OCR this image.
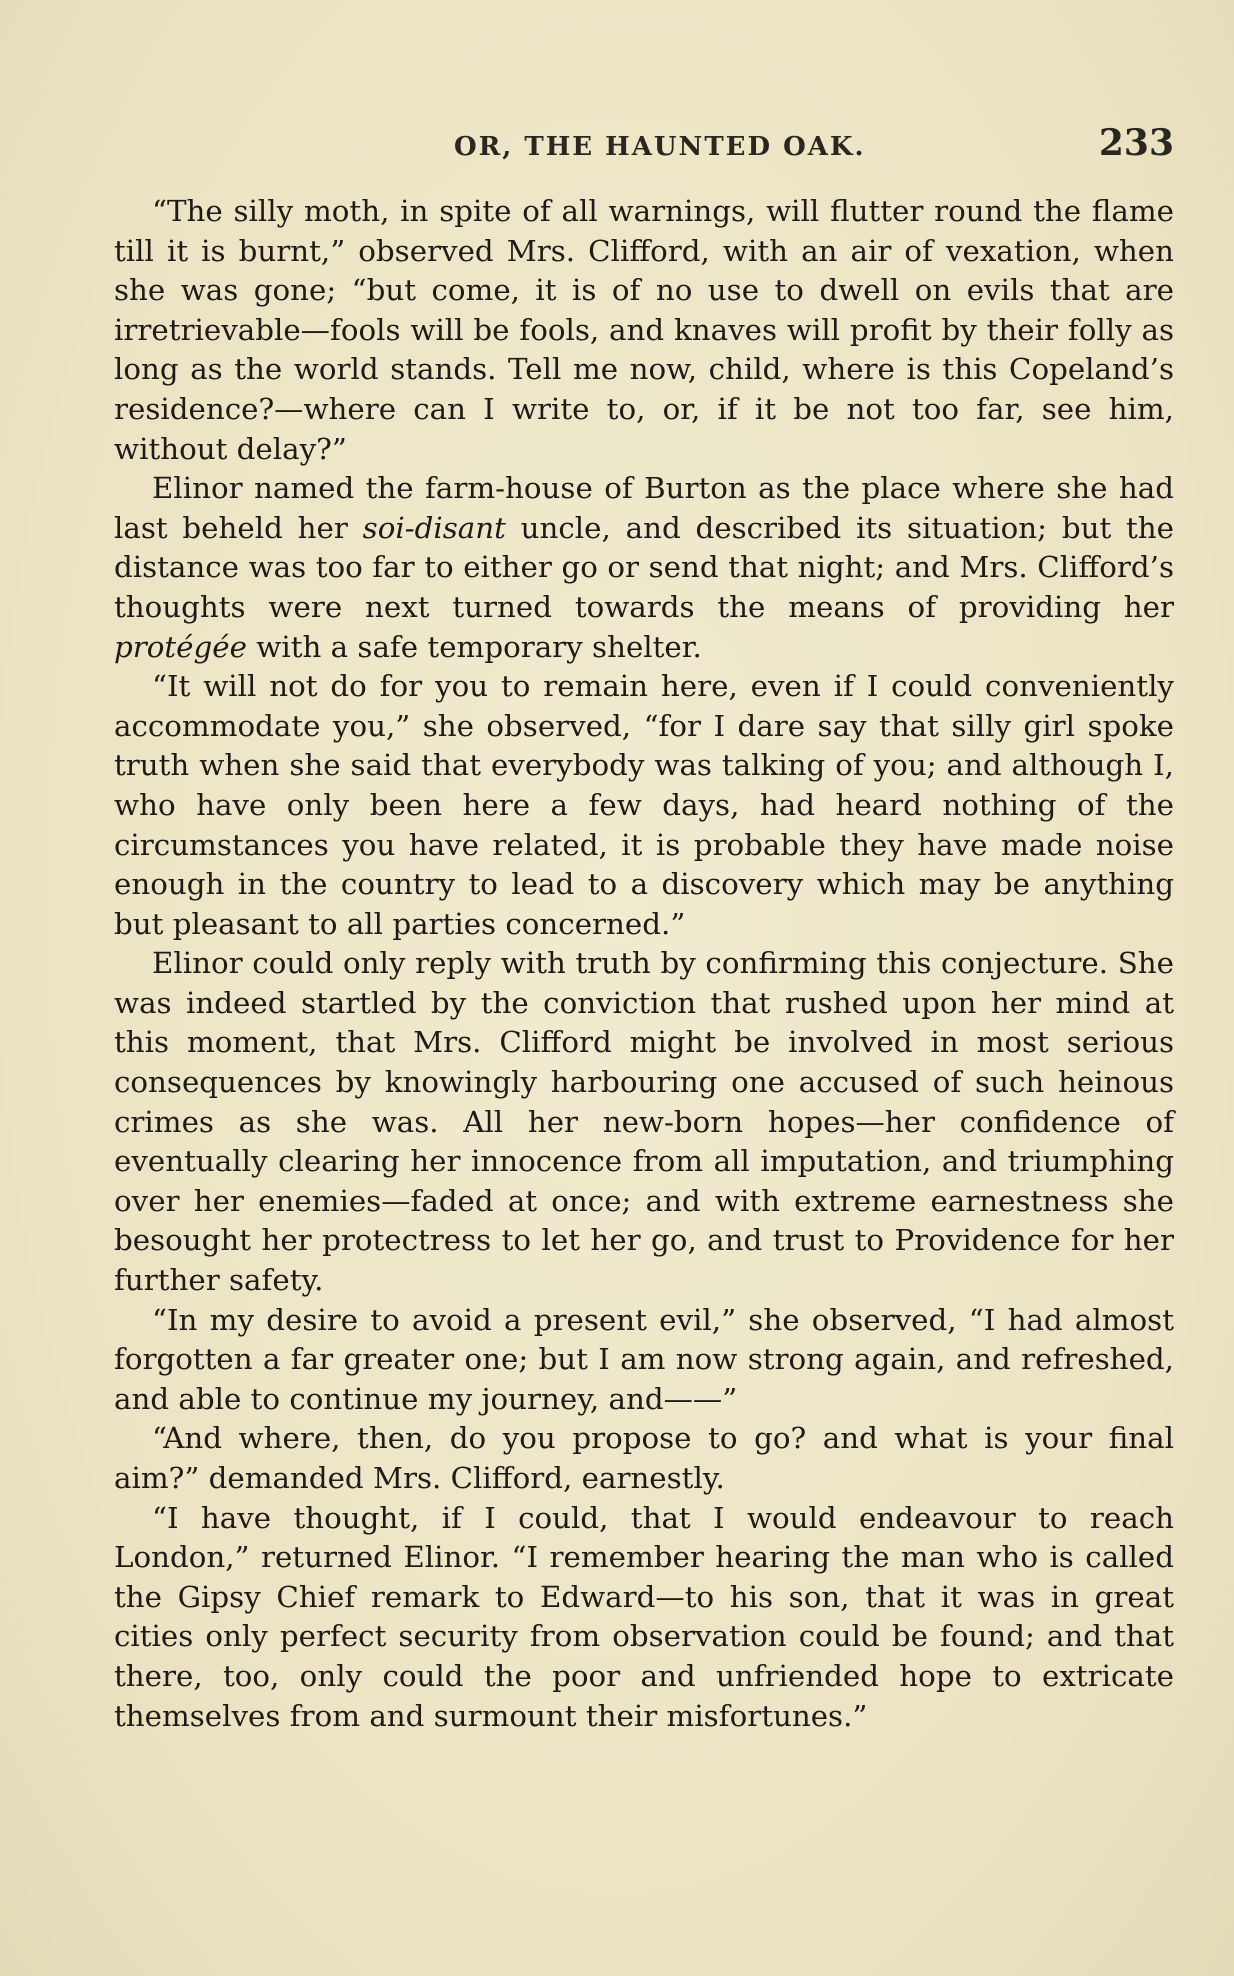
OR, THE HAUNTED OAK.	233

“The silly moth, in spite of all warnings, will flutter round the flame till it is burnt,” observed Mrs. Clifford, with an air of vexation, when she was gone; “but come, it is of no use to dwell on evils that are irretrievable—fools will be fools, and knaves will profit by their folly as long as the world stands. Tell me now, child, where is this Copeland’s residence?—where can I write to, or, if it be not too far, see him, without delay?”

Elinor named the farm-house of Burton as the place where she had last beheld her soi-disant uncle, and described its situation; but the distance was too far to either go or send that night; and Mrs. Clifford’s thoughts were next turned towards the means of providing her protégée with a safe temporary shelter.

“It will not do for you to remain here, even if I could conveniently accommodate you,” she observed, “for I dare say that silly girl spoke truth when she said that everybody was talking of you; and although I, who have only been here a few days, had heard nothing of the circumstances you have related, it is probable they have made noise enough in the country to lead to a discovery which may be anything but pleasant to all parties concerned.”

Elinor could only reply with truth by confirming this conjecture. She was indeed startled by the conviction that rushed upon her mind at this moment, that Mrs. Clifford might be involved in most serious consequences by knowingly harbouring one accused of such heinous crimes as she was. All her new-born hopes—her confidence of eventually clearing her innocence from all imputation, and triumphing over her enemies—faded at once; and with extreme earnestness she besought her protectress to let her go, and trust to Providence for her further safety.

“In my desire to avoid a present evil,” she observed, “I had almost forgotten a far greater one; but I am now strong again, and refreshed, and able to continue my journey, and——”

“And where, then, do you propose to go? and what is your final aim?” demanded Mrs. Clifford, earnestly.

“I have thought, if I could, that I would endeavour to reach London,” returned Elinor. “I remember hearing the man who is called the Gipsy Chief remark to Edward—to his son, that it was in great cities only perfect security from observation could be found; and that there, too, only could the poor and unfriended hope to extricate themselves from and surmount their misfortunes.”
